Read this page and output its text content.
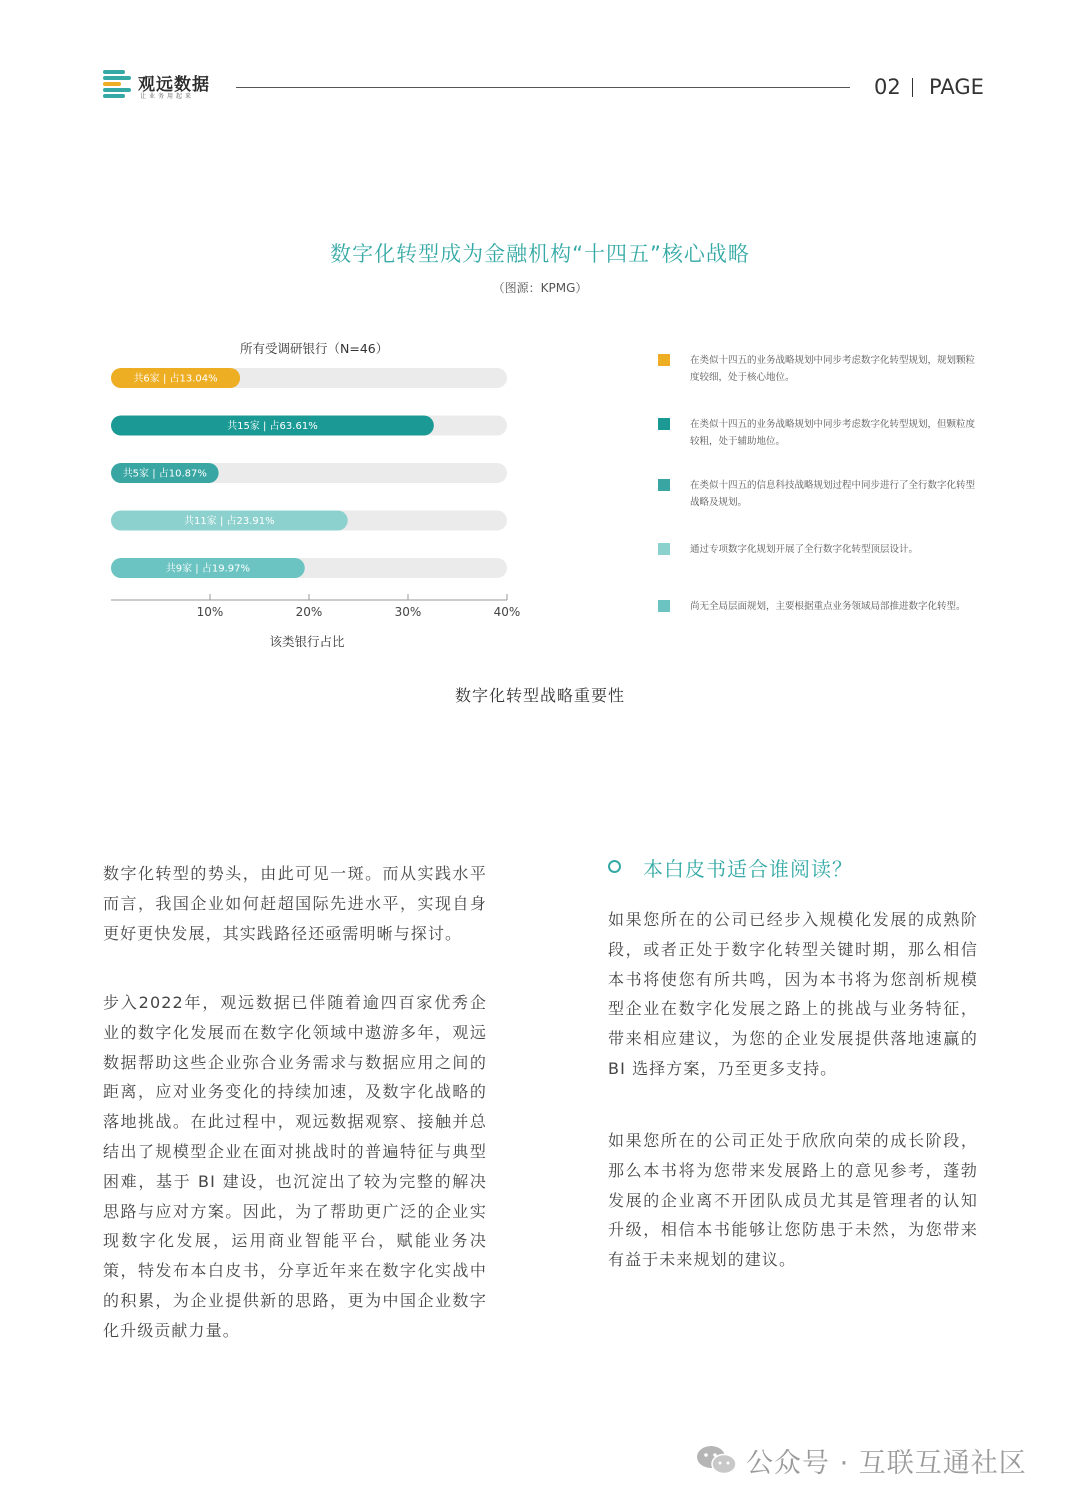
观远数据
让业务用起来	02 PAGE
数字化转型成为金融机构“十四五”核心战略
（图源：KPMG）
所有受调研银行（N=46）
共6家 | 占13.04%
共15家 | 占63.61%
共5家 | 占10.87%
共11家 | 占23.91%
共9家 | 占19.97%
10%	20%	30%	40%
该类银行占比
在类似十四五的业务战略规划中同步考虑数字化转型规划，规划颗粒度较细，处于核心地位。
在类似十四五的业务战略规划中同步考虑数字化转型规划，但颗粒度较粗，处于辅助地位。
在类似十四五的信息科技战略规划过程中同步进行了全行数字化转型战略及规划。
通过专项数字化规划开展了全行数字化转型顶层设计。
尚无全局层面规划，主要根据重点业务领域局部推进数字化转型。
数字化转型战略重要性
数字化转型的势头，由此可见一斑。而从实践水平而言，我国企业如何赶超国际先进水平，实现自身更好更快发展，其实践路径还亟需明晰与探讨。
步入2022年，观远数据已伴随着逾四百家优秀企业的数字化发展而在数字化领域中遨游多年，观远数据帮助这些企业弥合业务需求与数据应用之间的距离，应对业务变化的持续加速，及数字化战略的落地挑战。在此过程中，观远数据观察、接触并总结出了规模型企业在面对挑战时的普遍特征与典型困难，基于 BI 建设，也沉淀出了较为完整的解决思路与应对方案。因此，为了帮助更广泛的企业实现数字化发展，运用商业智能平台，赋能业务决策，特发布本白皮书，分享近年来在数字化实战中的积累，为企业提供新的思路，更为中国企业数字化升级贡献力量。
本白皮书适合谁阅读？
如果您所在的公司已经步入规模化发展的成熟阶段，或者正处于数字化转型关键时期，那么相信本书将使您有所共鸣，因为本书将为您剖析规模型企业在数字化发展之路上的挑战与业务特征，带来相应建议，为您的企业发展提供落地速赢的 BI 选择方案，乃至更多支持。
如果您所在的公司正处于欣欣向荣的成长阶段，那么本书将为您带来发展路上的意见参考，蓬勃发展的企业离不开团队成员尤其是管理者的认知升级，相信本书能够让您防患于未然，为您带来有益于未来规划的建议。
公众号 · 互联互通社区
